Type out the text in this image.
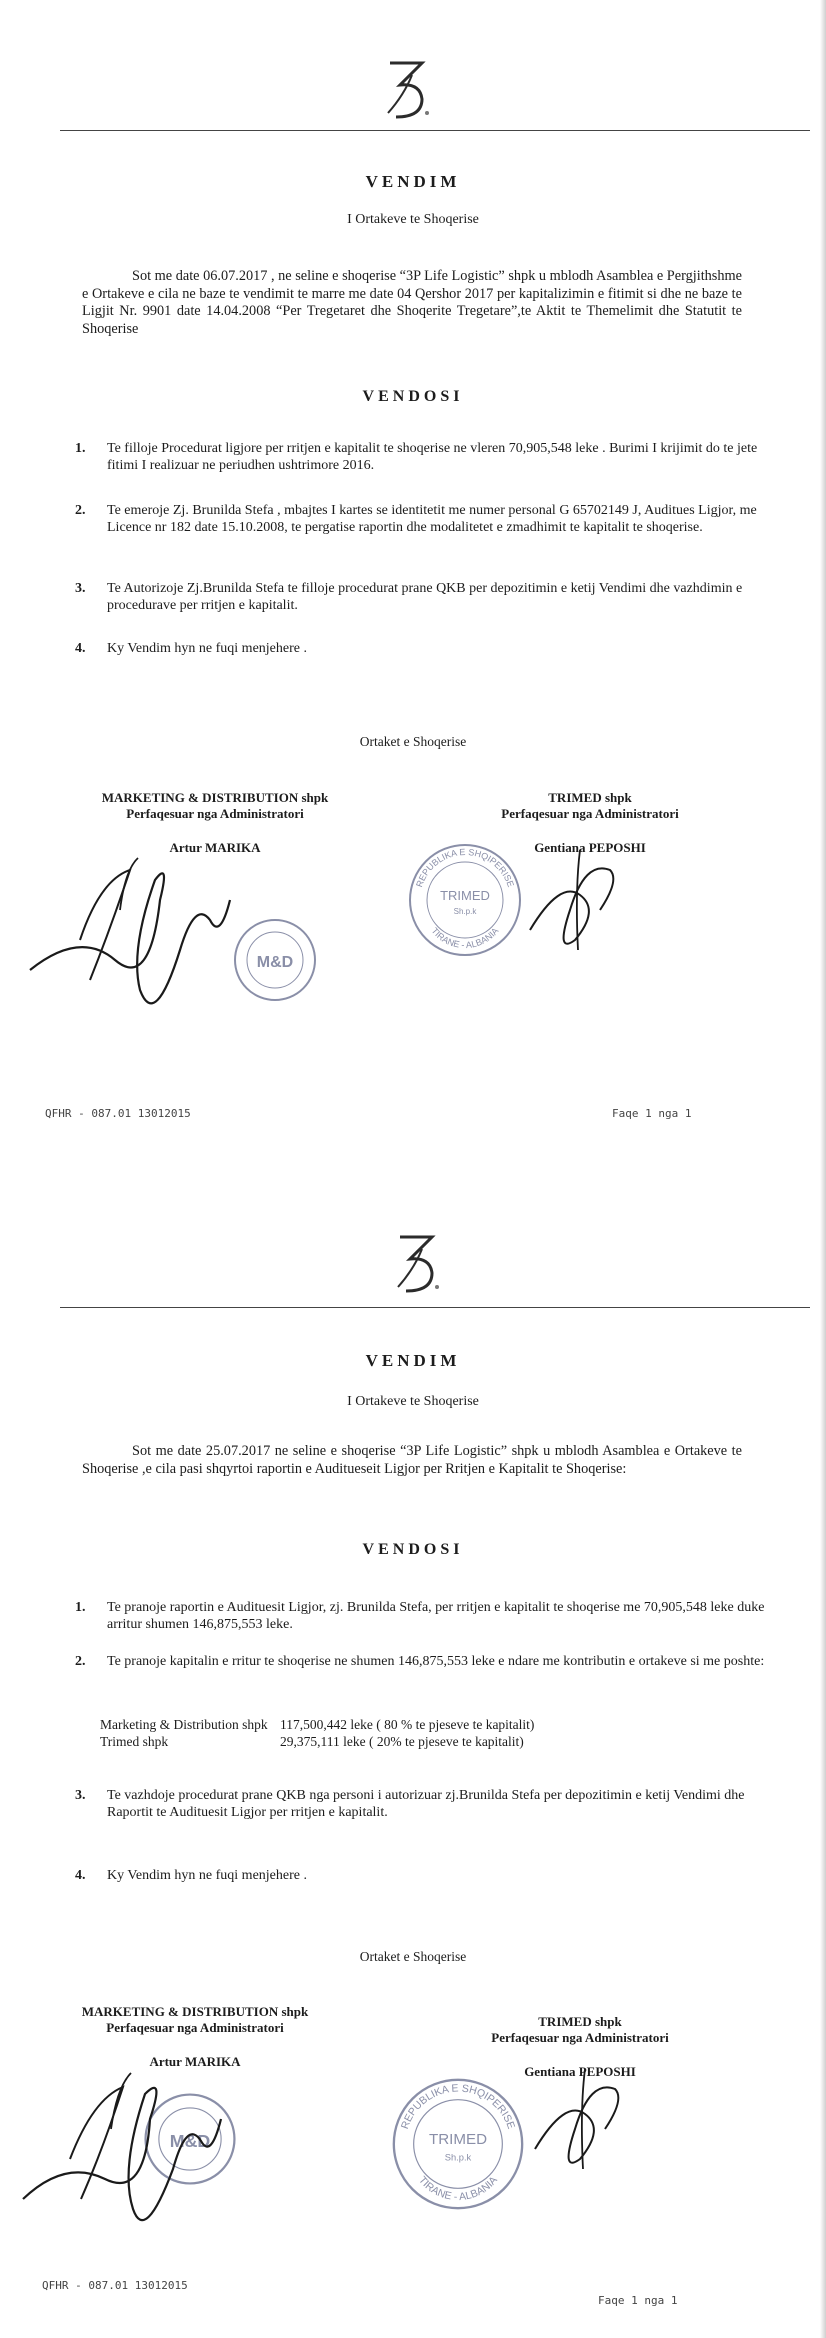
VENDIM
I Ortakeve te Shoqerise
Sot me date 06.07.2017 , ne seline e shoqerise “3P Life Logistic” shpk u mblodh Asamblea e Pergjithshme e Ortakeve e cila ne baze te vendimit te marre me date 04 Qershor 2017 per kapitalizimin e fitimit si dhe ne baze te Ligjit Nr. 9901 date 14.04.2008 “Per Tregetaret dhe Shoqerite Tregetare”,te Aktit te Themelimit dhe Statutit te Shoqerise
VENDOSI
1. Te filloje Procedurat ligjore per rritjen e kapitalit te shoqerise ne vleren 70,905,548 leke . Burimi I krijimit do te jete fitimi I realizuar ne periudhen ushtrimore 2016.
2. Te emeroje Zj. Brunilda Stefa , mbajtes I kartes se identitetit me numer personal G 65702149 J, Auditues Ligjor, me Licence nr 182 date 15.10.2008, te pergatise raportin dhe modalitetet e zmadhimit te kapitalit te shoqerise.
3. Te Autorizoje Zj.Brunilda Stefa te filloje procedurat prane QKB per depozitimin e ketij Vendimi dhe vazhdimin e procedurave per rritjen e kapitalit.
4. Ky Vendim hyn ne fuqi menjehere .
Ortaket e Shoqerise
MARKETING & DISTRIBUTION shpk
Perfaqesuar nga Administratori
Artur MARIKA
TRIMED shpk
Perfaqesuar nga Administratori
Gentiana PEPOSHI
M&D
REPUBLIKA E SHQIPERISE
TIRANE - ALBANIA
TRIMED
Sh.p.k
QFHR - 087.01 13012015	Faqe 1 nga 1
VENDIM
I Ortakeve te Shoqerise
Sot me date 25.07.2017 ne seline e shoqerise “3P Life Logistic” shpk u mblodh Asamblea e Ortakeve te Shoqerise ,e cila pasi shqyrtoi raportin e Auditueseit Ligjor per Rritjen e Kapitalit te Shoqerise:
VENDOSI
1. Te pranoje raportin e Audituesit Ligjor, zj. Brunilda Stefa, per rritjen e kapitalit te shoqerise me 70,905,548 leke duke arritur shumen 146,875,553 leke.
2. Te pranoje kapitalin e rritur te shoqerise ne shumen 146,875,553 leke e ndare me kontributin e ortakeve si me poshte:
Marketing & Distribution shpk 117,500,442 leke ( 80 % te pjeseve te kapitalit)
Trimed shpk	29,375,111 leke ( 20% te pjeseve te kapitalit)
3. Te vazhdoje procedurat prane QKB nga personi i autorizuar zj.Brunilda Stefa per depozitimin e ketij Vendimi dhe Raportit te Audituesit Ligjor per rritjen e kapitalit.
4. Ky Vendim hyn ne fuqi menjehere .
Ortaket e Shoqerise
MARKETING & DISTRIBUTION shpk
Perfaqesuar nga Administratori
Artur MARIKA
TRIMED shpk
Perfaqesuar nga Administratori
Gentiana PEPOSHI
M&D
REPUBLIKA E SHQIPERISE
TIRANE - ALBANIA
TRIMED
Sh.p.k
QFHR - 087.01 13012015
Faqe 1 nga 1
